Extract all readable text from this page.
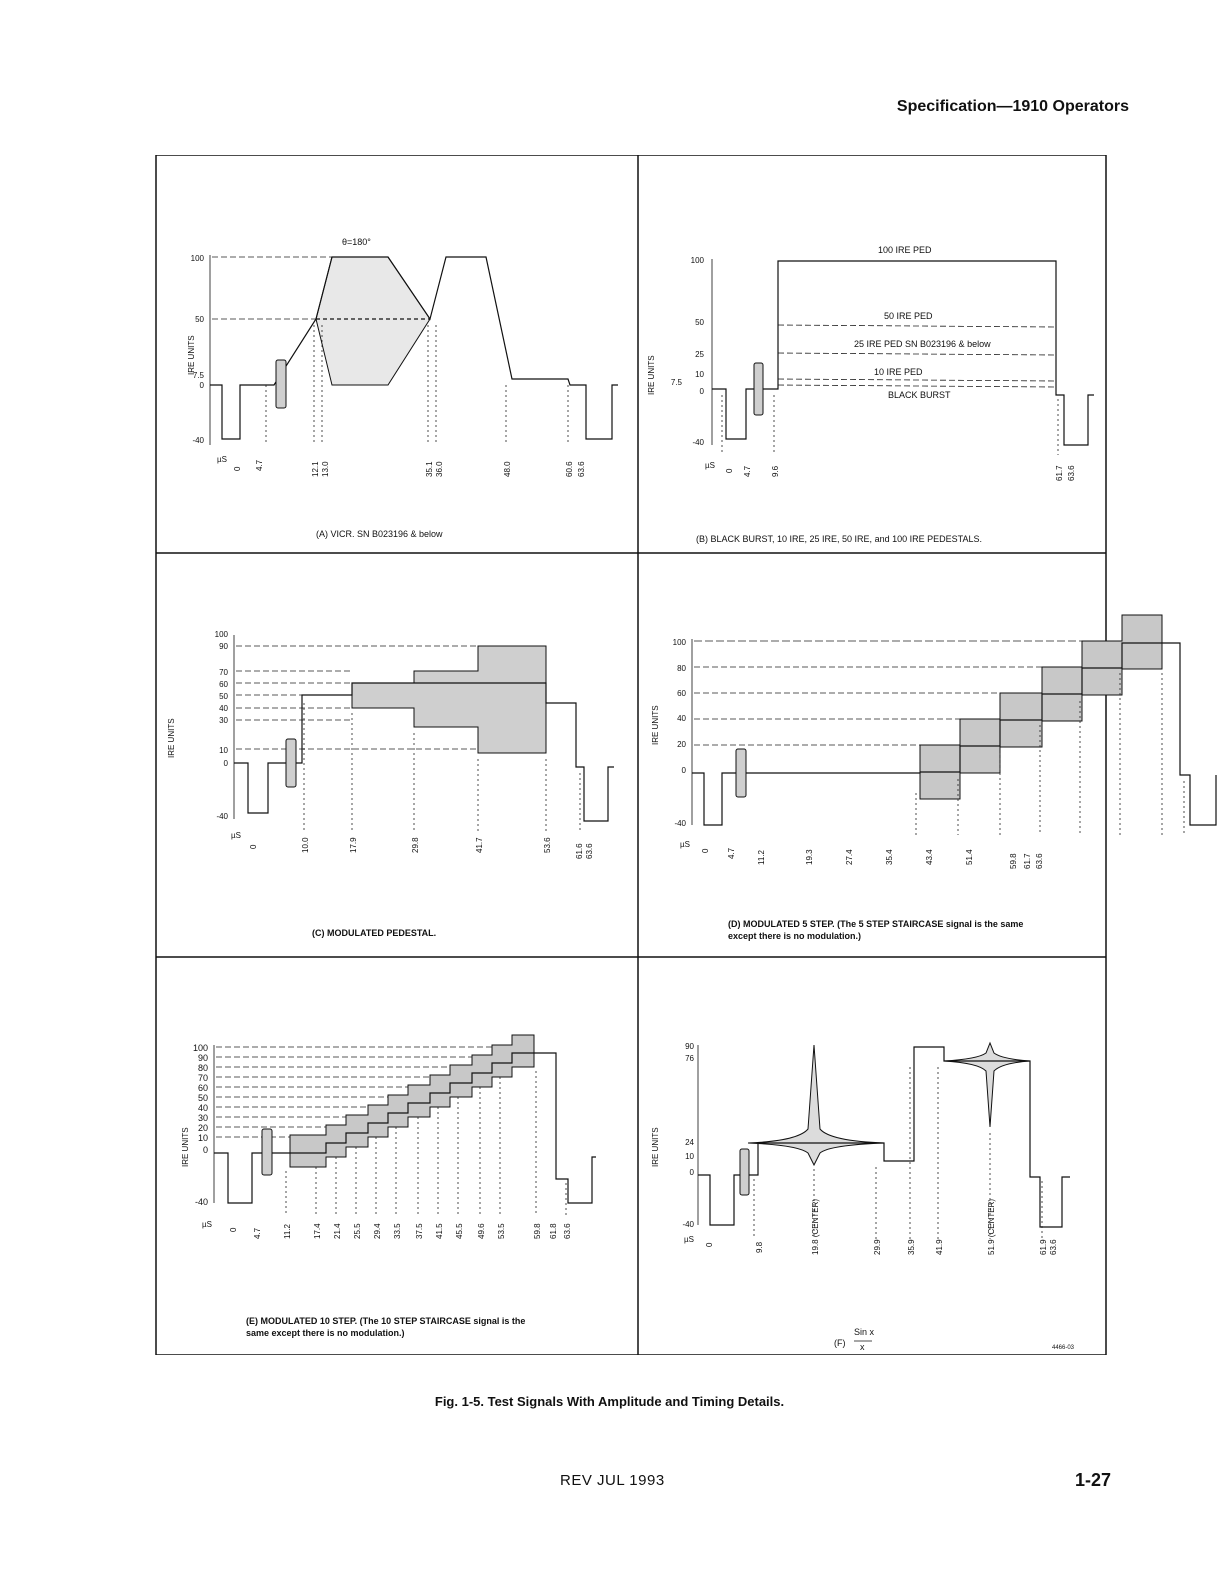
Specification—1910 Operators
IRE UNITS
100
50
7.5
0
-40
θ=180°
µS
0 4.7	12.1 13.0	35.1 36.0	48.0	60.6 63.6
(A) VICR. SN B023196 & below
IRE UNITS
100
50
25
10
7.5
0
-40
100 IRE PED
50 IRE PED
25 IRE PED SN B023196 & below
10 IRE PED
BLACK BURST
µS
0 4.7 9.6	61.7 63.6
(B) BLACK BURST, 10 IRE, 25 IRE, 50 IRE, and 100 IRE PEDESTALS.
IRE UNITS
100
90
70
60
50
40
30
10
0
-40
µS
0	10.0	17.9	29.8	41.7	53.6	61.6 63.6
(C) MODULATED PEDESTAL.
IRE UNITS
100
80
60
40
20
0
-40
µS
0 4.7	11.2	19.3	27.4	35.4	43.4	51.4	59.8 61.7 63.6
(D) MODULATED 5 STEP. (The 5 STEP STAIRCASE signal is the same except there is no modulation.)
IRE UNITS
100
90
80
70
60
50
40
30
20
10
0
-40
µS
0 4.7	11.2	17.4 21.4 25.5 29.4 33.5 37.5 41.5 45.5 49.6 53.5	59.8 61.8 63.6
(E) MODULATED 10 STEP. (The 10 STEP STAIRCASE signal is the same except there is no modulation.)
IRE UNITS
90
76
24
10
0
-40
µS
0	9.8	19.8 (CENTER)	29.9	35.9 41.9	51.9 (CENTER)	61.9 63.6
(F)
Sin x
x	4466-03
Fig. 1-5. Test Signals With Amplitude and Timing Details.
REV JUL 1993	1-27
